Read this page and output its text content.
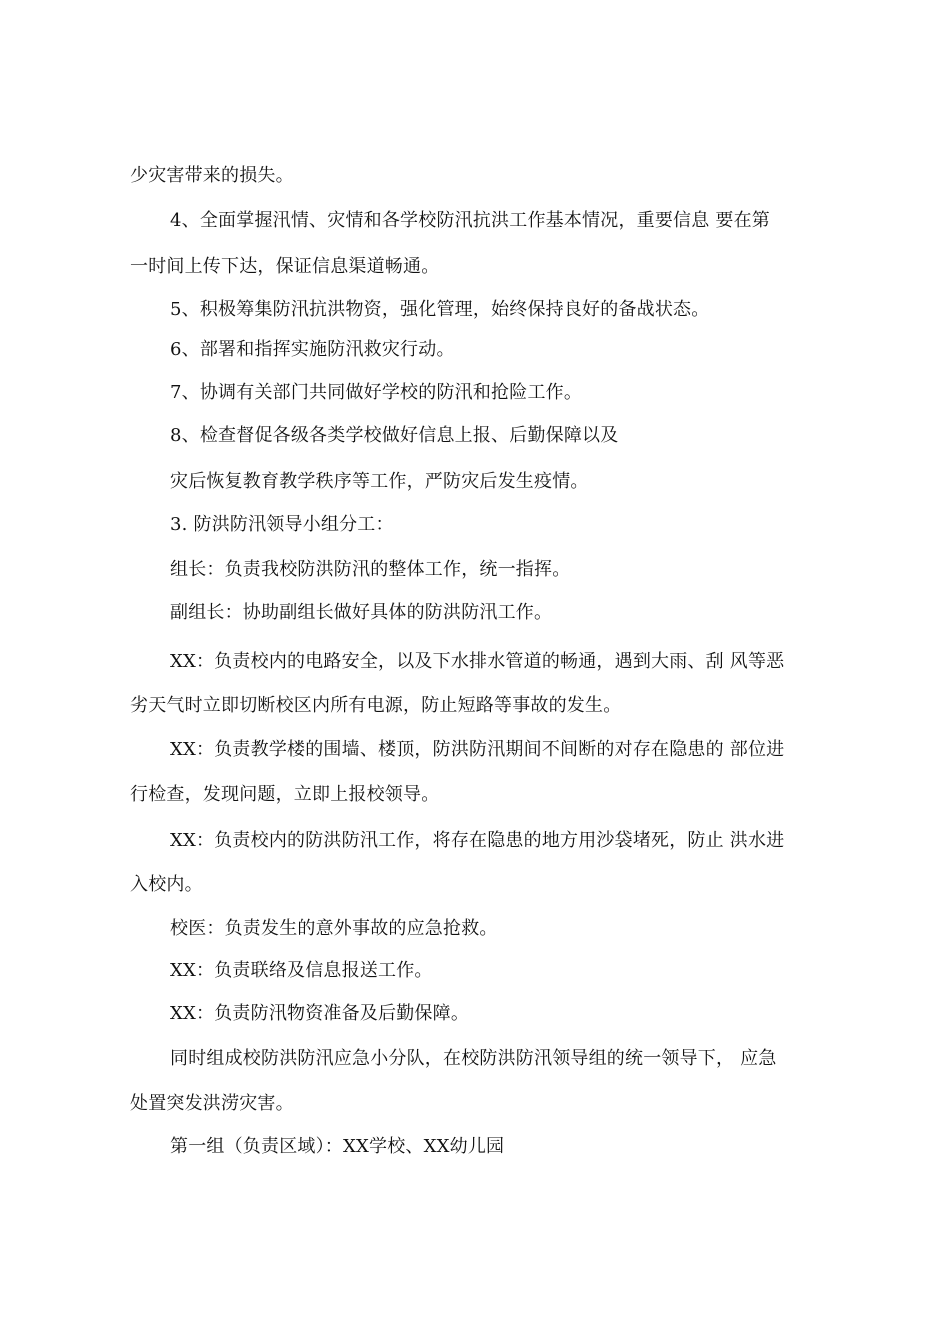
少灾害带来的损失。
4、全面掌握汛情、灾情和各学校防汛抗洪工作基本情况，重要信息 要在第
一时间上传下达，保证信息渠道畅通。
5、积极筹集防汛抗洪物资，强化管理，始终保持良好的备战状态。
6、部署和指挥实施防汛救灾行动。
7、协调有关部门共同做好学校的防汛和抢险工作。
8、检查督促各级各类学校做好信息上报、后勤保障以及
灾后恢复教育教学秩序等工作，严防灾后发生疫情。
3. 防洪防汛领导小组分工：
组长：负责我校防洪防汛的整体工作，统一指挥。
副组长：协助副组长做好具体的防洪防汛工作。
XX：负责校内的电路安全，以及下水排水管道的畅通，遇到大雨、刮 风等恶
劣天气时立即切断校区内所有电源，防止短路等事故的发生。
XX：负责教学楼的围墙、楼顶，防洪防汛期间不间断的对存在隐患的 部位进
行检查，发现问题，立即上报校领导。
XX：负责校内的防洪防汛工作，将存在隐患的地方用沙袋堵死，防止 洪水进
入校内。
校医：负责发生的意外事故的应急抢救。
XX：负责联络及信息报送工作。
XX：负责防汛物资准备及后勤保障。
同时组成校防洪防汛应急小分队，在校防洪防汛领导组的统一领导下， 应急
处置突发洪涝灾害。
第一组（负责区域）：XX学校、XX幼儿园
